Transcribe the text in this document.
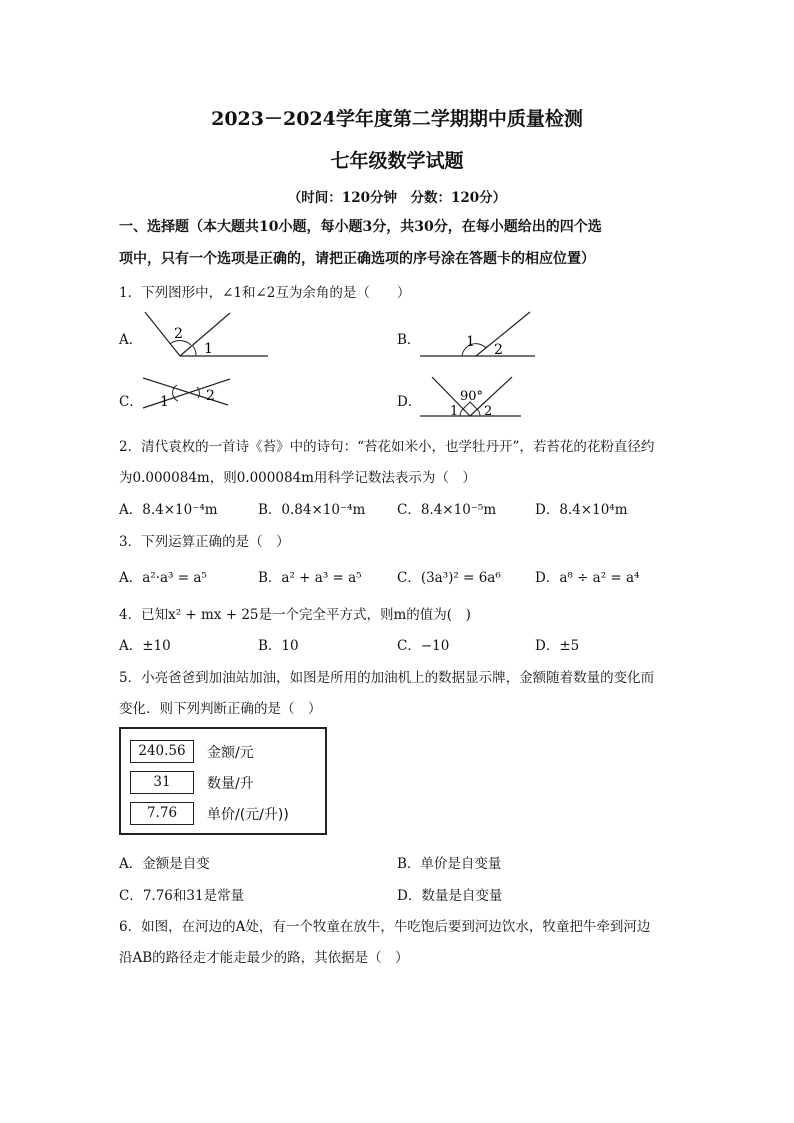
2023－2024学年度第二学期期中质量检测
七年级数学试题
（时间：120分钟　分数：120分）
一、选择题（本大题共10小题，每小题3分，共30分，在每小题给出的四个选
项中，只有一个选项是正确的，请把正确选项的序号涂在答题卡的相应位置）
1．下列图形中，∠1和∠2互为余角的是（　　）
A． 2
1
B．	1 2
C． 1	2	D．	90°
1 2
2．清代袁枚的一首诗《苔》中的诗句：“苔花如米小，也学牡丹开”，若苔花的花粉直径约
为0.000084m，则0.000084m用科学记数法表示为（　）
A．8.4×10⁻⁴m	B．0.84×10⁻⁴m C．8.4×10⁻⁵m	D．8.4×10⁴m
3．下列运算正确的是（　）
A．a²·a³ = a⁵	B．a² + a³ = a⁵	C．(3a³)² = 6a⁶	D．a⁸ ÷ a² = a⁴
4．已知x² + mx + 25是一个完全平方式，则m的值为(　)
A．±10	B．10	C．−10	D．±5
5．小亮爸爸到加油站加油，如图是所用的加油机上的数据显示牌，金额随着数量的变化而
变化．则下列判断正确的是（　）
240.56	金额/元
31	数量/升
7.76	单价/(元/升))
A．金额是自变	B．单价是自变量
C．7.76和31是常量	D．数量是自变量
6．如图，在河边的A处，有一个牧童在放牛，牛吃饱后要到河边饮水，牧童把牛牵到河边
沿AB的路径走才能走最少的路，其依据是（　）
